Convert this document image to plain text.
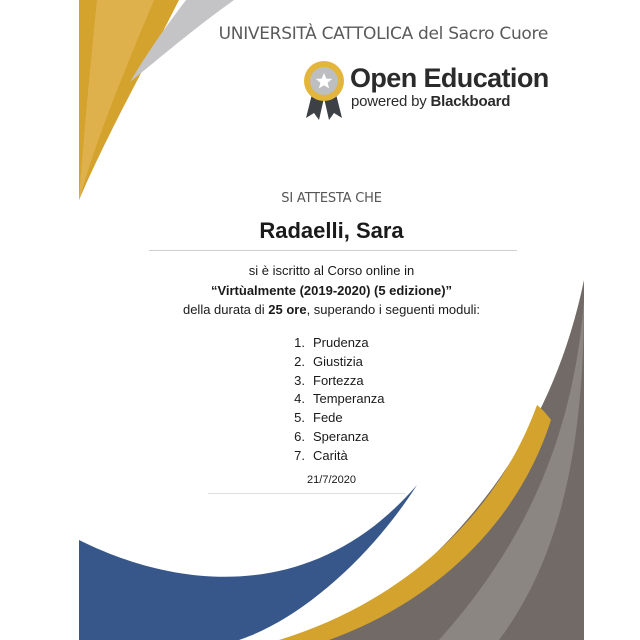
UNIVERSITÀ CATTOLICA del Sacro Cuore
Open Education
powered by Blackboard
SI ATTESTA CHE
Radaelli, Sara
si è iscritto al Corso online in
“Virtùalmente (2019-2020) (5 edizione)”
della durata di 25 ore, superando i seguenti moduli:
1. Prudenza
2. Giustizia
3. Fortezza
4. Temperanza
5. Fede
6. Speranza
7. Carità
21/7/2020
